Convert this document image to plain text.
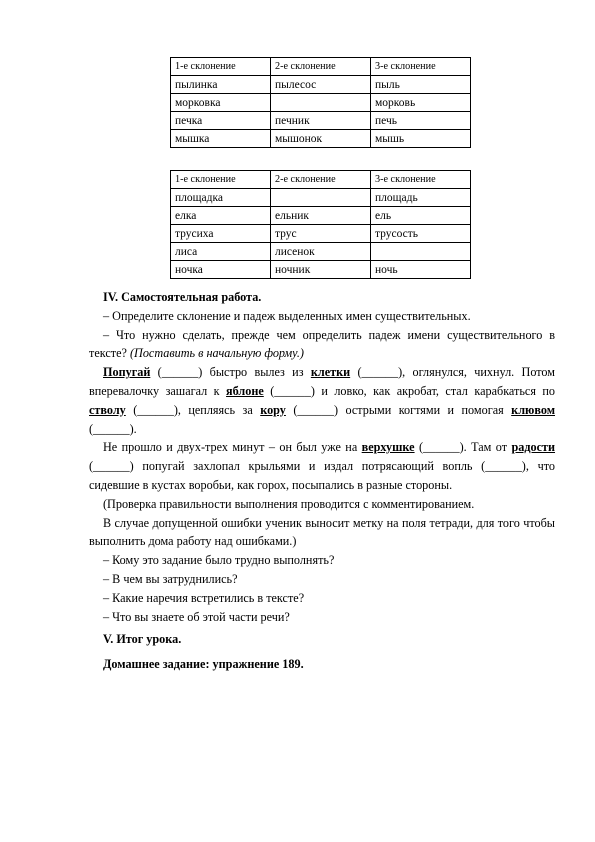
1-е склонение	2-е склонение	3-е склонение
пылинка	пылесос	пыль
морковка		морковь
печка	печник	печь
мышка	мышонок	мышь
1-е склонение	2-е склонение	3-е склонение
площадка		площадь
елка	ельник	ель
трусиха	трус	трусость
лиса	лисенок	
ночка	ночник	ночь

IV. Самостоятельная работа.

– Определите склонение и падеж выделенных имен существительных.

– Что нужно сделать, прежде чем определить падеж имени существительного в тексте? (Поставить в начальную форму.)

Попугай (______) быстро вылез из клетки (______), оглянулся, чихнул. Потом вперевалочку зашагал к яблоне (______) и ловко, как акробат, стал карабкаться по стволу (______), цепляясь за кору (______) острыми когтями и помогая клювом (______).

Не прошло и двух-трех минут – он был уже на верхушке (______). Там от радости (______) попугай захлопал крыльями и издал потрясающий вопль (______), что сидевшие в кустах воробьи, как горох, посыпались в разные стороны.

(Проверка правильности выполнения проводится с комментированием.

В случае допущенной ошибки ученик выносит метку на поля тетради, для того чтобы выполнить дома работу над ошибками.)

– Кому это задание было трудно выполнять?

– В чем вы затруднились?

– Какие наречия встретились в тексте?

– Что вы знаете об этой части речи?

V. Итог урока.

Домашнее задание: упражнение 189.
